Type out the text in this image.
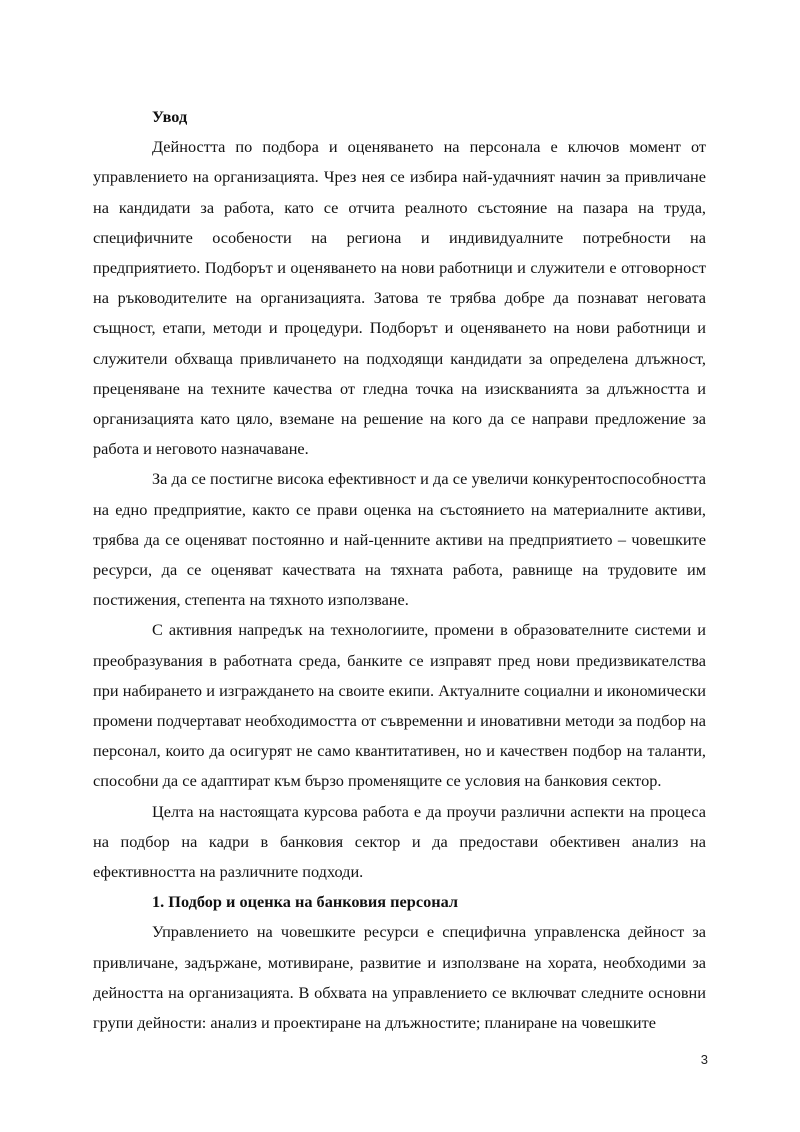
Увод

Дейността по подбора и оценяването на персонала е ключов момент от управлението на организацията. Чрез нея се избира най-удачният начин за привличане на кандидати за работа, като се отчита реалното състояние на пазара на труда, специфичните особености на региона и индивидуалните потребности на предприятието. Подборът и оценяването на нови работници и служители е отговорност на ръководителите на организацията. Затова те трябва добре да познават неговата същност, етапи, методи и процедури. Подборът и оценяването на нови работници и служители обхваща привличането на подходящи кандидати за определена длъжност, преценяване на техните качества от гледна точка на изискванията за длъжността и организацията като цяло, вземане на решение на кого да се направи предложение за работа и неговото назначаване.

За да се постигне висока ефективност и да се увеличи конкурентоспособността на едно предприятие, както се прави оценка на състоянието на материалните активи, трябва да се оценяват постоянно и най-ценните активи на предприятието – човешките ресурси, да се оценяват качествата на тяхната работа, равнище на трудовите им постижения, степента на тяхното използване.

С активния напредък на технологиите, промени в образователните системи и преобразувания в работната среда, банките се изправят пред нови предизвикателства при набирането и изграждането на своите екипи. Актуалните социални и икономически промени подчертават необходимостта от съвременни и иновативни методи за подбор на персонал, които да осигурят не само квантитативен, но и качествен подбор на таланти, способни да се адаптират към бързо променящите се условия на банковия сектор.

Целта на настоящата курсова работа е да проучи различни аспекти на процеса на подбор на кадри в банковия сектор и да предостави обективен анализ на ефективността на различните подходи.

1. Подбор и оценка на банковия персонал

Управлението на човешките ресурси е специфична управленска дейност за привличане, задържане, мотивиране, развитие и използване на хората, необходими за дейността на организацията. В обхвата на управлението се включват следните основни групи дейности: анализ и проектиране на длъжностите; планиране на човешките

3
